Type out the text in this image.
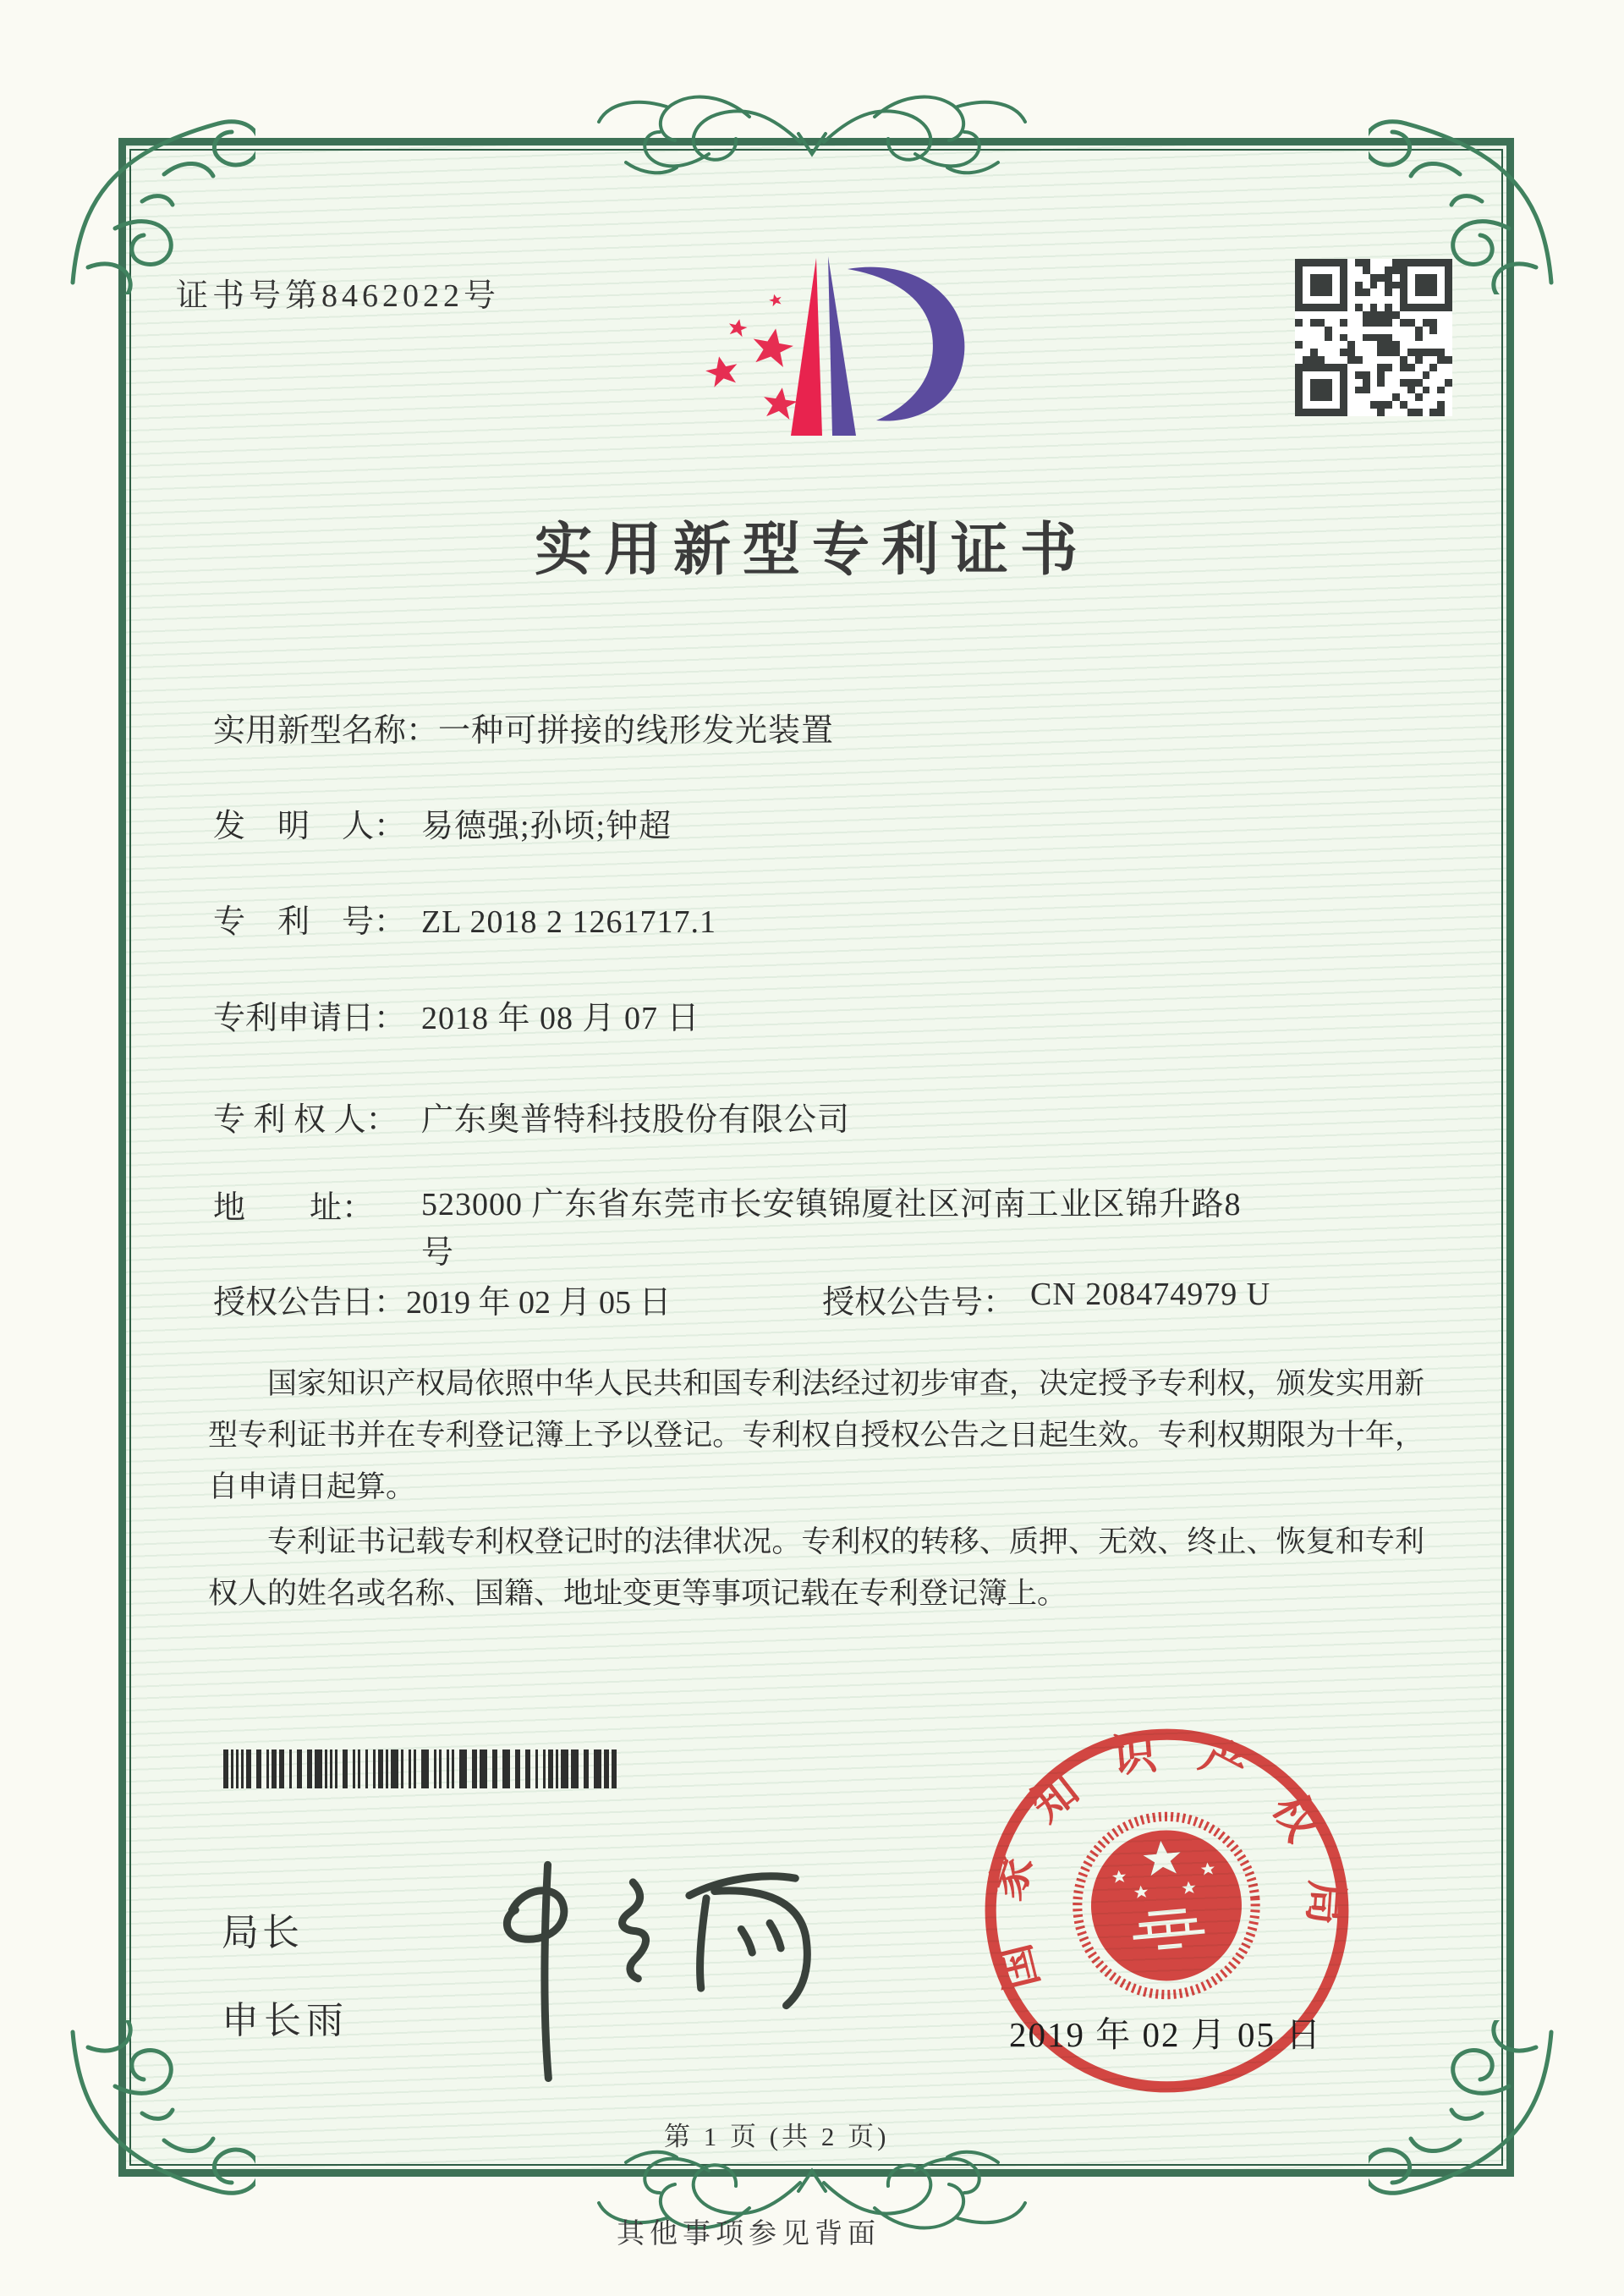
证书号第8462022号
实用新型专利证书
实用新型名称：一种可拼接的线形发光装置
发　明　人： 易德强;孙顷;钟超
专　利　号： ZL 2018 2 1261717.1
专利申请日： 2018 年 08 月 07 日
专 利 权 人： 广东奥普特科技股份有限公司
地　　址： 523000 广东省东莞市长安镇锦厦社区河南工业区锦升路8
号
授权公告日：2019 年 02 月 05 日	授权公告号： CN 208474979 U

国家知识产权局依照中华人民共和国专利法经过初步审查，决定授予专利权，颁发实用新型专利证书并在专利登记簿上予以登记。专利权自授权公告之日起生效。专利权期限为十年，自申请日起算。

专利证书记载专利权登记时的法律状况。专利权的转移、质押、无效、终止、恢复和专利权人的姓名或名称、国籍、地址变更等事项记载在专利登记簿上。

局长
申长雨
国家知识产权局
2019 年 02 月 05 日
第 1 页 (共 2 页)
其他事项参见背面
